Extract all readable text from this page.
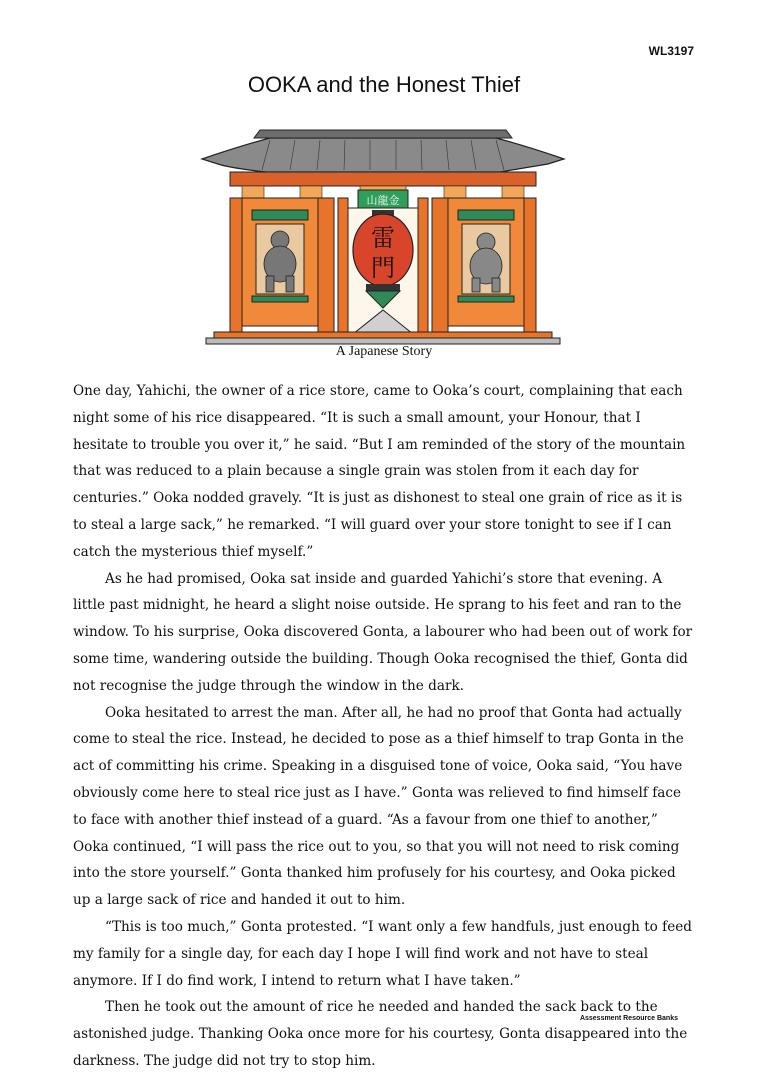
WL3197
OOKA and the Honest Thief
山龍金
雷
門
A Japanese Story

One day, Yahichi, the owner of a rice store, came to Ooka’s court, complaining that each night some of his rice disappeared. “It is such a small amount, your Honour, that I hesitate to trouble you over it,” he said. “But I am reminded of the story of the mountain that was reduced to a plain because a single grain was stolen from it each day for centuries.” Ooka nodded gravely. “It is just as dishonest to steal one grain of rice as it is to steal a large sack,” he remarked. “I will guard over your store tonight to see if I can catch the mysterious thief myself.”

As he had promised, Ooka sat inside and guarded Yahichi’s store that evening. A little past midnight, he heard a slight noise outside. He sprang to his feet and ran to the window. To his surprise, Ooka discovered Gonta, a labourer who had been out of work for some time, wandering outside the building. Though Ooka recognised the thief, Gonta did not recognise the judge through the window in the dark.

Ooka hesitated to arrest the man. After all, he had no proof that Gonta had actually come to steal the rice. Instead, he decided to pose as a thief himself to trap Gonta in the act of committing his crime. Speaking in a disguised tone of voice, Ooka said, “You have obviously come here to steal rice just as I have.” Gonta was relieved to find himself face to face with another thief instead of a guard. “As a favour from one thief to another,” Ooka continued, “I will pass the rice out to you, so that you will not need to risk coming into the store yourself.” Gonta thanked him profusely for his courtesy, and Ooka picked up a large sack of rice and handed it out to him.

“This is too much,” Gonta protested. “I want only a few handfuls, just enough to feed my family for a single day, for each day I hope I will find work and not have to steal anymore. If I do find work, I intend to return what I have taken.”

Then he took out the amount of rice he needed and handed the sack back to the astonished judge. Thanking Ooka once more for his courtesy, Gonta disappeared into the darkness. The judge did not try to stop him.

Assessment Resource Banks
